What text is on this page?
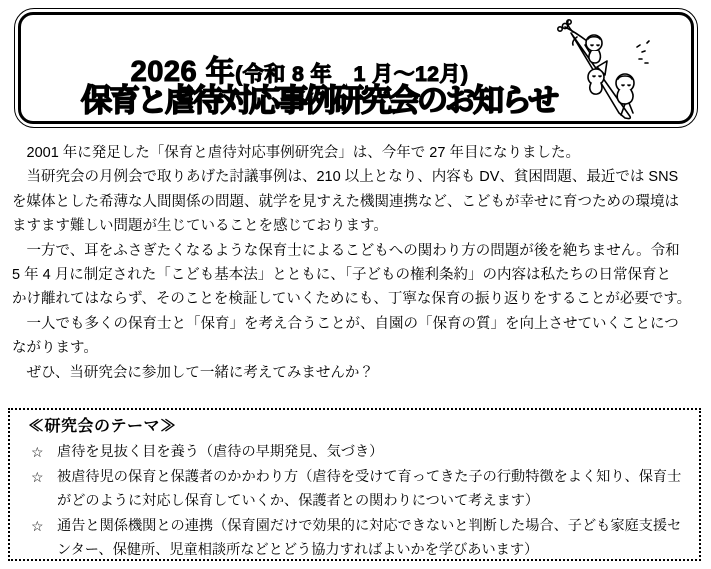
2026 年(令和 8 年　1 月～12月)

保育と虐待対応事例研究会のお知らせ
　2001 年に発足した「保育と虐待対応事例研究会」は、今年で 27 年目になりました。
　当研究会の月例会で取りあげた討議事例は、210 以上となり、内容も DV、貧困問題、最近では SNS
を媒体とした希薄な人間関係の問題、就学を見すえた機関連携など、こどもが幸せに育つための環境は
ますます難しい問題が生じていることを感じております。
　一方で、耳をふさぎたくなるような保育士によるこどもへの関わり方の問題が後を絶ちません。令和
5 年 4 月に制定された「こども基本法」とともに、「子どもの権利条約」の内容は私たちの日常保育と
かけ離れてはならず、そのことを検証していくためにも、丁寧な保育の振り返りをすることが必要です。
　一人でも多くの保育士と「保育」を考え合うことが、自園の「保育の質」を向上させていくことにつ
ながります。
　ぜひ、当研究会に参加して一緒に考えてみませんか？
≪研究会のテーマ≫
☆ 虐待を見抜く目を養う（虐待の早期発見、気づき）
☆ 被虐待児の保育と保護者のかかわり方（虐待を受けて育ってきた子の行動特徴をよく知り、保育士
がどのように対応し保育していくか、保護者との関わりについて考えます）
☆ 通告と関係機関との連携（保育園だけで効果的に対応できないと判断した場合、子ども家庭支援セ
ンター、保健所、児童相談所などとどう協力すればよいかを学びあいます）
